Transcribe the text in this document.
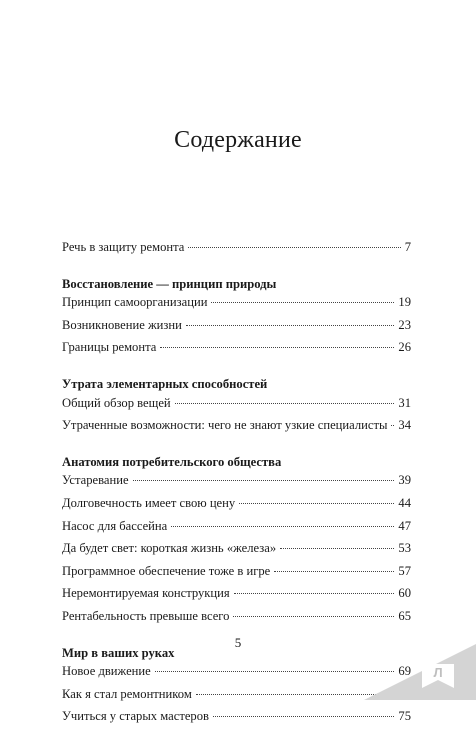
Содержание
Речь в защиту ремонта	7
Восстановление — принцип природы
Принцип самоорганизации	19
Возникновение жизни	23
Границы ремонта	26
Утрата элементарных способностей
Общий обзор вещей	31
Утраченные возможности: чего не знают узкие специалисты 34
Анатомия потребительского общества
Устаревание	39
Долговечность имеет свою цену	44
Насос для бассейна	47
Да будет свет: короткая жизнь «железа»	53
Программное обеспечение тоже в игре	57
Неремонтируемая конструкция	60
Рентабельность превыше всего	65
Мир в ваших руках
Новое движение	69
Как я стал ремонтником
Учиться у старых мастеров	75
5
Л
